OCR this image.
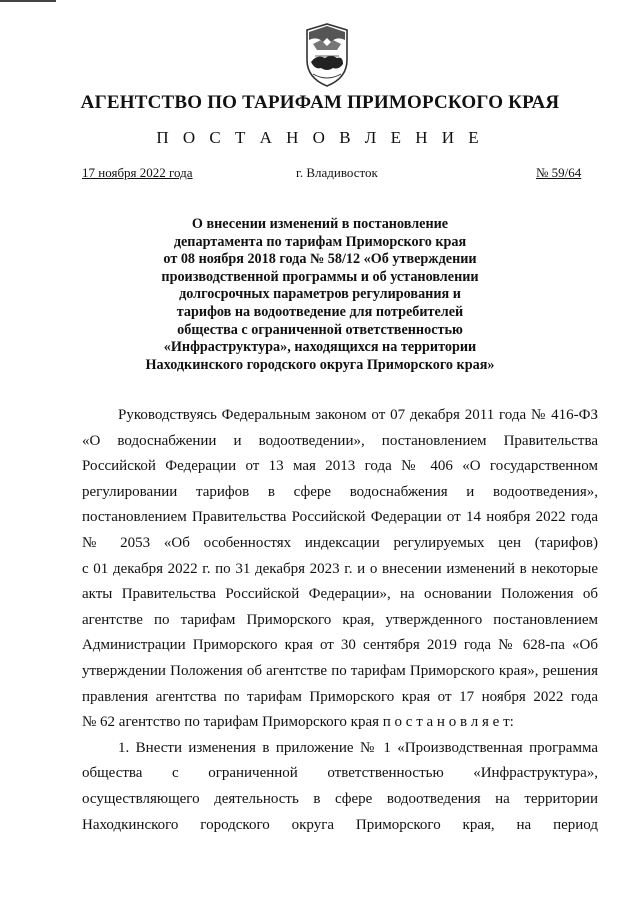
АГЕНТСТВО ПО ТАРИФАМ ПРИМОРСКОГО КРАЯ
П О С Т А Н О В Л Е Н И Е
17 ноября 2022 года	г. Владивосток	№ 59/64
О внесении изменений в постановление
департамента по тарифам Приморского края
от 08 ноября 2018 года № 58/12 «Об утверждении
производственной программы и об установлении
долгосрочных параметров регулирования и
тарифов на водоотведение для потребителей
общества с ограниченной ответственностью
«Инфраструктура», находящихся на территории
Находкинского городского округа Приморского края»
Руководствуясь Федеральным законом от 07 декабря 2011 года № 416-ФЗ
«О водоснабжении и водоотведении», постановлением Правительства
Российской Федерации от 13 мая 2013 года № 406 «О государственном
регулировании тарифов в сфере водоснабжения и водоотведения»,
постановлением Правительства Российской Федерации от 14 ноября 2022 года
№ 2053 «Об особенностях индексации регулируемых цен (тарифов)
с 01 декабря 2022 г. по 31 декабря 2023 г. и о внесении изменений в некоторые
акты Правительства Российской Федерации», на основании Положения об
агентстве по тарифам Приморского края, утвержденного постановлением
Администрации Приморского края от 30 сентября 2019 года № 628-па «Об
утверждении Положения об агентстве по тарифам Приморского края», решения
правления агентства по тарифам Приморского края от 17 ноября 2022 года
№ 62 агентство по тарифам Приморского края п о с т а н о в л я е т:
1. Внести изменения в приложение № 1 «Производственная программа
общества с ограниченной ответственностью «Инфраструктура»,
осуществляющего деятельность в сфере водоотведения на территории
Находкинского городского округа Приморского края, на период
